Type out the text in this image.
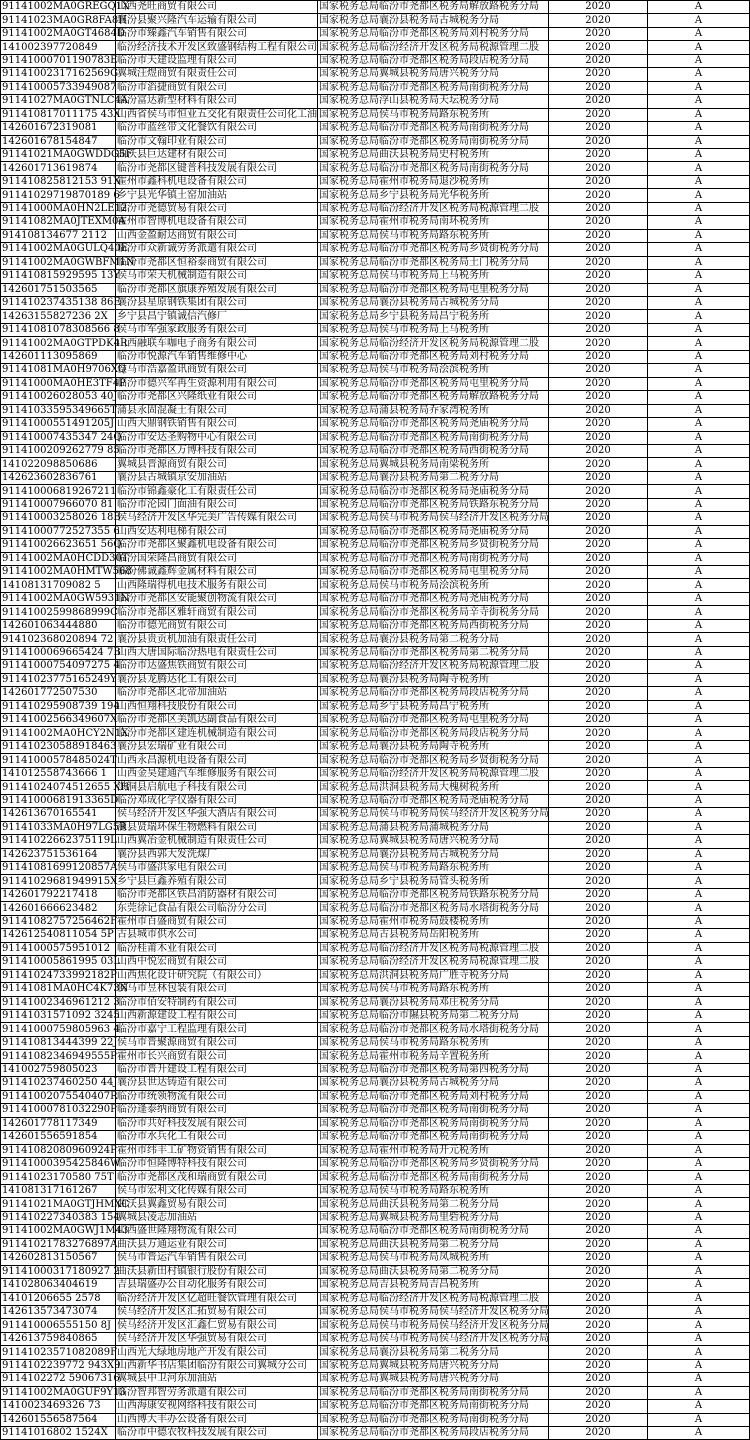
91141002MA0GREGQ1X	山西尧旺商贸有限公司	国家税务总局临汾市尧都区税务局解放路税务分局	2020	A
91141023MA0GR8FA8H	襄汾县聚兴隆汽车运输有限公司	国家税务总局襄汾县税务局古城税务分局	2020	A
91141002MA0GT4684D	临汾市臻鑫汽车销售有限公司	国家税务总局临汾市尧都区税务局刘村税务分局	2020	A
141002397720849	临汾经济技术开发区致盛钢结构工程有限公司	国家税务总局临汾经济开发区税务局税源管理二股	2020	A
91141000701190783E	临汾市天建设监理有限公司	国家税务总局临汾市尧都区税务局段店税务分局	2020	A
91141002317162569G	翼城汪煜商贸有限责任公司	国家税务总局翼城县税务局唐兴税务分局	2020	A
911410005733949087	临汾市滔捷商贸有限公司	国家税务总局临汾市尧都区税务局南街税务分局	2020	A
91141027MA0GTNLC4A	临汾富达新型材料有限公司	国家税务总局浮山县税务局天坛税务分局	2020	A
911410817011175 43X	山西省侯马市恒业五交化有限责任公司化工油	国家税务总局侯马市税务局路东税务所	2020	A
142601672319081	临汾市蓝丝带文化餐饮有限公司	国家税务总局临汾市尧都区税务局南街税务分局	2020	A
142601678154847	临汾市文翰印业有限公司	国家税务总局临汾市尧都区税务局南街税务分局	2020	A
91141021MA0GWDDG5F	曲沃县巨达建材有限公司	国家税务总局曲沃县税务局史村税务所	2020	A
142601713619874	临汾市尧都区键普科技发展有限公司	国家税务总局临汾市尧都区税务局南街税务分局	2020	A
911410825812153 91X	霍州市鑫科机电设备有限公司	国家税务总局霍州市税务局退沙税务所	2020	A
91141029719870189 6	乡宁县光华镇土窑加油站	国家税务总局乡宁县税务局光华税务所	2020	A
91141000MA0HN2LE12	临汾市尧德贸易有限公司	国家税务总局临汾经济开发区税务局税源管理二股	2020	A
91141082MA0JTEXM0A	霍州市智博机电设备有限公司	国家税务总局霍州市税务局南环税务所	2020	A
914108134677 2112	山西金盈耐达商贸有限公司	国家税务总局侯马市税务局路东税务所	2020	A
91141002MA0GULQ40E	临汾市众新诚劳务派遣有限公司	国家税务总局临汾市尧都区税务局乡贤街税务分局	2020	A
91141002MA0GWBFM1N	临汾市尧都区恒裕泰商贸有限公司	国家税务总局临汾市尧都区税务局土门税务分局	2020	A
911410815929595 13Y	侯马市荣天机械制造有限公司	国家税务总局侯马市税务局上马税务所	2020	A
142601751503565	临汾市尧都区旗康养殖发展有限公司	国家税务总局临汾市尧都区税务局屯里税务分局	2020	A
911410237435138 86E	襄汾县星原钢铁集团有限公司	国家税务总局襄汾县税务局古城税务分局	2020	A
14263155827236 2X	乡宁县昌宁镇诚信汽修厂	国家税务总局乡宁县税务局昌宁税务所	2020	A
91141081078308566 8	侯马市军强家政服务有限公司	国家税务总局侯马市税务局上马税务所	2020	A
91141002MA0GTPDK4R	山西融联车咖电子商务有限公司	国家税务总局临汾经济开发区税务局税源管理二股	2020	A
142601113095869	临汾市悦源汽车销售维修中心	国家税务总局临汾市尧都区税务局刘村税务分局	2020	A
91141081MA0H9706XQ	侯马市浩嘉盈讯商贸有限公司	国家税务总局侯马市税务局浍滨税务所	2020	A
91141000MA0HE3TF4P	临汾市德兴军再生资源利用有限公司	国家税务总局临汾市尧都区税务局屯里税务分局	2020	A
911410026028053 40J	临汾市尧都区兴隆纸业有限公司	国家税务总局临汾市尧都区税务局解放路税务分局	2020	A
91141033595349665T	蒲县永固混凝土有限公司	国家税务总局蒲县税务局乔家湾税务所	2020	A
91141000551491205J	山西大鼎钢铁销售有限公司	国家税务总局临汾市尧都区税务局尧庙税务分局	2020	A
911410007435347 24Q	临汾市安达圣购物中心有限公司	国家税务总局临汾市尧都区税务局南街税务分局	2020	A
9114100209262779 85	临汾市尧都区万博科技有限公司	国家税务总局临汾市尧都区税务局西街税务分局	2020	A
141022098850686	翼城县晋源商贸有限公司	国家税务总局翼城县税务局南梁税务所	2020	A
142623602836761	襄汾县古城镇京安加油站	国家税务总局襄汾县税务局第二税务分局	2020	A
911410006819267211	临汾市锦鑫豪化工有限责任公司	国家税务总局临汾市尧都区税务局尧庙税务分局	2020	A
911410007966070 81	临汾市沦园门面油有限公司	国家税务总局临汾市尧都区税务局铁路东税务分局	2020	A
911410003258026 18B	侯马经济开发区华完美广告传媒有限公司	国家税务总局侯马市税务局侯马经济开发区税务分局	2020	A
91141000772527355 6	山西安达利电梯有限公司	国家税务总局临汾市尧都区税务局尧庙税务分局	2020	A
911410026623651 56Q	临汾市尧都区聚鑫机电设备有限公司	国家税务总局临汾市尧都区税务局乡贤街税务分局	2020	A
91141002MA0HCDD30T	临汾国荣隆昌商贸有限公司	国家税务总局临汾市尧都区税务局南街税务分局	2020	A
91141002MA0HMTW568	临汾佛诚鑫辉金属材料有限公司	国家税务总局临汾市尧都区税务局屯里税务分局	2020	A
14108131709082 5	山西隆瑞得机电技术服务有限公司	国家税务总局侯马市税务局浍滨税务所	2020	A
91141002MA0GW5931N	临汾市尧都区安能聚创物流有限公司	国家税务总局临汾市尧都区税务局尧庙税务分局	2020	A
91141002599868999C	临汾市尧都区雅轩商贸有限公司	国家税务总局临汾市尧都区税务局辛寺街税务分局	2020	A
142601063444880	临汾市德光商贸有限公司	国家税务总局临汾市尧都区税务局西街税务分局	2020	A
914102368020894 72	襄汾县贵贡机加油有限责任公司	国家税务总局襄汾县税务局第二税务分局	2020	A
9114100069665424 7B	山西大唐国际临汾热电有限责任公司	国家税务总局临汾市尧都区税务局第二税务分局	2020	A
91141000754097275 4	临汾市达盛焦铁商贸有限公司	国家税务总局临汾经济开发区税务局税源管理二股	2020	A
91141023775165249Y	襄汾县龙腾达化工有限公司	国家税务总局襄汾县税务局陶寺税务所	2020	A
142601772507530	临汾市尧都区北帝加油站	国家税务总局临汾市尧都区税务局段店税务分局	2020	A
911410295908739 194	山西恒翔科技股份有限公司	国家税务总局乡宁县税务局昌宁税务所	2020	A
91141002566349607X	临汾市尧都区美凯达副食品有限公司	国家税务总局临汾市尧都区税务局屯里税务分局	2020	A
91141002MA0HCY2N1X	临汾市尧都区建连机械制造有限公司	国家税务总局临汾市尧都区税务局段店税务分局	2020	A
911410230588918463	襄汾县宏瑞矿业有限公司	国家税务总局襄汾县税务局陶寺税务所	2020	A
91141000578485024T	山西永昌源机电设备有限公司	国家税务总局临汾市尧都区税务局乡贤街税务分局	2020	A
141012558743666 1	山西金昊建通汽车维修服务有限公司	国家税务总局临汾经济开发区税务局税源管理二股	2020	A
91141024074512655 XH	洪洞县启航电子科技有限公司	国家税务总局洪洞县税务局大槐树税务所	2020	A
91141000681913365D	临汾邓成化学仪器有限公司	国家税务总局临汾市尧都区税务局尧庙税务分局	2020	A
142613670165541	侯马经济开发区华强大酒店有限公司	国家税务总局侯马市税务局侯马经济开发区税务分局	2020	A
91141033MA0H97LG5R	蒲县贤瑞环保生物燃料有限公司	国家税务总局蒲县税务局蒲城税务分局	2020	A
91141022662375119L	山西翼冶金机械制造有限责任公司	国家税务总局翼城县税务局唐兴税务分局	2020	A
142623751536164	襄汾县西郭大发洗煤厂	国家税务总局襄汾县税务局古城税务分局	2020	A
91141081699120857A	侯马市盛洪家电有限公司	国家税务总局侯马市税务局路东税务所	2020	A
91141029681949915X	乡宁县巨鑫养殖有限公司	国家税务总局乡宁县税务局管头税务所	2020	A
142601792217418	临汾市尧都区铁昌消防器材有限公司	国家税务总局临汾市尧都区税务局铁路东税务分局	2020	A
142601666623482	东莞徐记食品有限公司临汾分公司	国家税务总局临汾市尧都区税务局水塔街税务分局	2020	A
91141082757256462F	霍州市百盛商贸有限公司	国家税务总局霍州市税务局鼓楼税务所	2020	A
142612540811054 5P	古县城市供水公司	国家税务总局古县税务局岳阳税务所	2020	A
91141000575951012	临汾桂莆木业有限公司	国家税务总局临汾经济开发区税务局税源管理二股	2020	A
911410005861995 03L	山西中悦宏商贸有限公司	国家税务总局临汾经济开发区税务局税源管理二股	2020	A
91141024733992182P	山西焦化设计研究院（有限公司）	国家税务总局洪洞县税务局广胜寺税务分局	2020	A
91141081MA0HC4K73N	侯马市昱林包装有限公司	国家税务总局侯马市税务局路东税务所	2020	A
91141002346961212 3	临汾市佰安特制药有限公司	国家税务总局襄汾县税务局邓庄税务分局	2020	A
91141031571092 3245	山西新源建设工程有限公司	国家税务总局临汾市隰县税务局第二税务分局	2020	A
91141000759805963 4	临汾市嘉宁工程监理有限公司	国家税务总局临汾市尧都区税务局水塔街税务分局	2020	A
911410813444399 22J	侯马市晋聚源商贸有限公司	国家税务总局侯马市税务局路东税务所	2020	A
91141082346949555P	霍州市长兴商贸有限公司	国家税务总局霍州市税务局辛置税务所	2020	A
141002759805023	临汾市晋升建设工程有限公司	国家税务总局临汾市尧都区税务局第四税务分局	2020	A
911410237460250 44J	襄汾县世达铸造有限公司	国家税务总局襄汾县税务局古城税务分局	2020	A
91141002075540407R	临汾市统领物流有限公司	国家税务总局临汾市尧都区税务局刘村税务分局	2020	A
91141000781032290P	临汾逢泰纳商贸有限公司	国家税务总局临汾市尧都区税务局南街税务分局	2020	A
142601778117349	临汾市共好科技发展有限公司	国家税务总局临汾市尧都区税务局南街税务分局	2020	A
142601556591854	临汾市水兵化工有限公司	国家税务总局临汾市尧都区税务局南街税务分局	2020	A
91141082080960924P	霍州市纬丰工矿物资销售有限公司	国家税务总局霍州市税务局开元税务所	2020	A
91141000395425846W	临汾市恒隆博特科技有限公司	国家税务总局临汾市尧都区税务局乡贤街税务分局	2020	A
91141023170580 75T	临汾市尧都区茂和瑞商贸有限公司	国家税务总局临汾市尧都区税务局南街税务分局	2020	A
141081317161267	侯马市宏利文化传媒有限公司	国家税务总局侯马市税务局路东税务所	2020	A
91141021MA0GTJHMXC	曲沃县翼鑫贸易有限公司	国家税务总局曲沃县税务局第二税务分局	2020	A
911410227340383 154	翼城县凌志加油站	国家税务总局翼城县税务局里砦税务分局	2020	A
91141002MA0GWJ1M43	山西盛世隆翔物流有限公司	国家税务总局临汾市尧都区税务局南街税务分局	2020	A
91141021783276897A	曲沃县万通运业有限公司	国家税务总局曲沃县税务局第二税务分局	2020	A
142602813150567	侯马市晋运汽车销售有限公司	国家税务总局侯马市税务局凤城税务所	2020	A
91141000317180927 2	曲沃县新田村镇银行股份有限公司	国家税务总局曲沃县税务局第二税务分局	2020	A
141028063404619	吉县瑞盛办公自动化服务有限公司	国家税务总局吉县税务局吉昌税务所	2020	A
14101206655 2578	临汾经济开发区亿超旺餐饮管理有限公司	国家税务总局临汾经济开发区税务局税源管理二股	2020	A
142613573473074	侯马经济开发区汇拓贸易有限公司	国家税务总局侯马市税务局侯马经济开发区税务分局	2020	A
911410006555150 8J	侯马经济开发区汇鑫仁贸易有限公司	国家税务总局侯马市税务局侯马经济开发区税务分局	2020	A
142613759840865	侯马经济开发区华强贸易有限公司	国家税务总局侯马市税务局侯马经济开发区税务分局	2020	A
91141023571082089F	山西光大绿地房地产开发有限公司	国家税务总局襄汾县税务局第二税务分局	2020	A
9114102239772 943X9	山西新华书店集团临汾有限公司翼城分公司	国家税务总局翼城县税务局唐兴税务分局	2020	A
9114102272 59067316	翼城县中卫河东加油站	国家税务总局翼城县税务局唐兴税务分局	2020	A
91141002MA0GUF9Y13	临汾智邦智劳务派遣有限公司	国家税务总局临汾市尧都区税务局南街税务分局	2020	A
1410023469326 73	山西海康安视网络科技有限公司	国家税务总局临汾市尧都区税务局南街税务分局	2020	A
142601556587564	山西博大丰办公设备有限公司	国家税务总局临汾市尧都区税务局南街税务分局	2020	A
91141016802 1524X	临汾市中德农牧科技发展有限公司	国家税务总局临汾市尧都区税务局段店税务分局	2020	A
